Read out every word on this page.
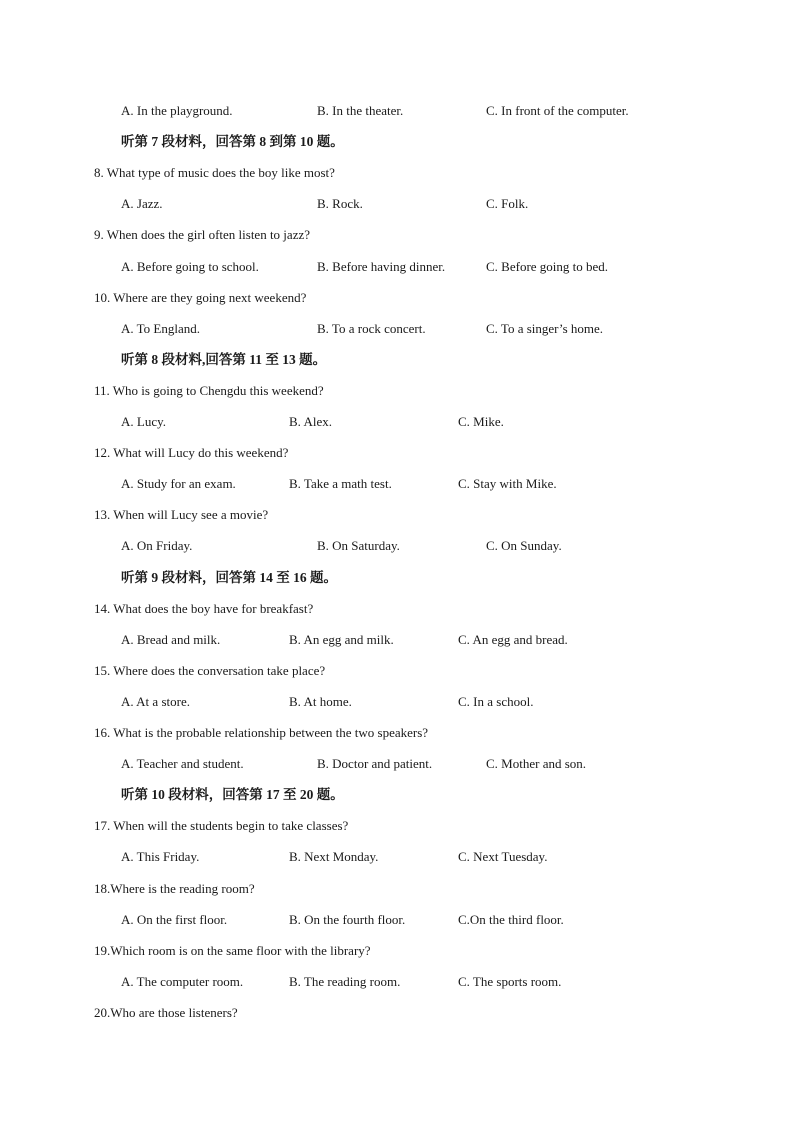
A. In the playground.	B. In the theater.	C. In front of the computer.
听第 7 段材料，回答第 8 到第 10 题。
8. What type of music does the boy like most?
A. Jazz.	B. Rock.	C. Folk.
9. When does the girl often listen to jazz?
A. Before going to school.	B. Before having dinner.	C. Before going to bed.
10. Where are they going next weekend?
A. To England.	B. To a rock concert.	C. To a singer’s home.
听第 8 段材料,回答第 11 至 13 题。
11. Who is going to Chengdu this weekend?
A. Lucy.	B. Alex.	C. Mike.
12. What will Lucy do this weekend?
A. Study for an exam.	B. Take a math test.	C. Stay with Mike.
13. When will Lucy see a movie?
A. On Friday.	B. On Saturday.	C. On Sunday.
听第 9 段材料，回答第 14 至 16 题。
14. What does the boy have for breakfast?
A. Bread and milk.	B. An egg and milk.	C. An egg and bread.
15. Where does the conversation take place?
A. At a store.	B. At home.	C. In a school.
16. What is the probable relationship between the two speakers?
A. Teacher and student.	B. Doctor and patient.	C. Mother and son.
听第 10 段材料，回答第 17 至 20 题。
17. When will the students begin to take classes?
A. This Friday.	B. Next Monday.	C. Next Tuesday.
18.Where is the reading room?
A. On the first floor.	B. On the fourth floor.	C.On the third floor.
19.Which room is on the same floor with the library?
A. The computer room.	B. The reading room.	C. The sports room.
20.Who are those listeners?
